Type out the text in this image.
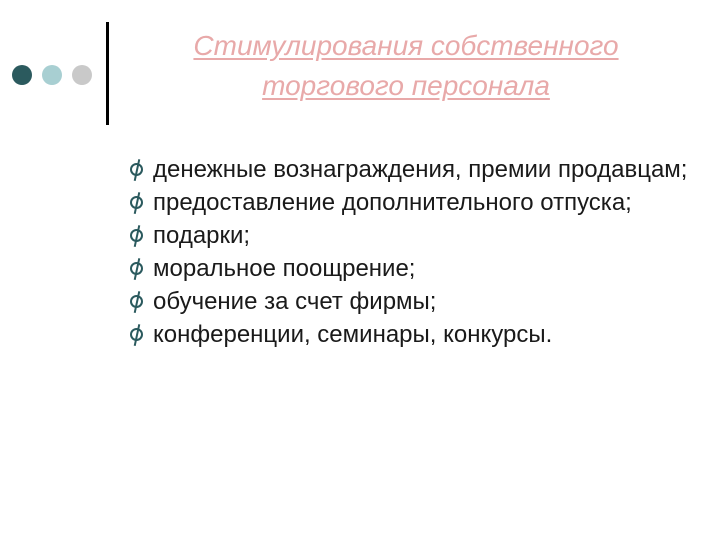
Стимулирования собственного
торгового персонала
денежные вознаграждения, премии продавцам;
предоставление дополнительного отпуска;
подарки;
моральное поощрение;
обучение за счет фирмы;
конференции, семинары, конкурсы.
